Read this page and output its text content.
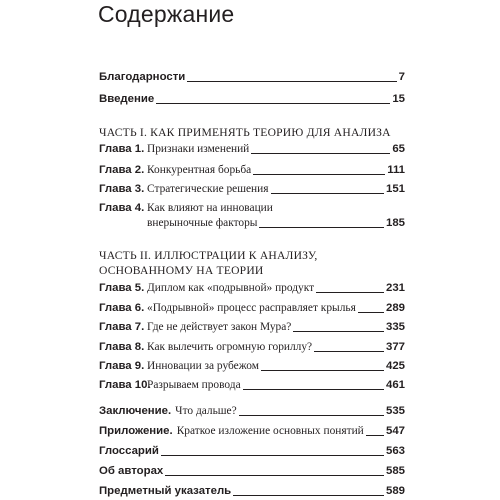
Содержание
Благодарности	7
Введение	15
ЧАСТЬ I. КАК ПРИМЕНЯТЬ ТЕОРИЮ ДЛЯ АНАЛИЗА
Глава 1. Признаки изменений	65
Глава 2. Конкурентная борьба	111
Глава 3. Стратегические решения	151
Глава 4. Как влияют на инновации
внерыночные факторы	185
ЧАСТЬ II. ИЛЛЮСТРАЦИИ К АНАЛИЗУ,
ОСНОВАННОМУ НА ТЕОРИИ
Глава 5. Диплом как «подрывной» продукт	231
Глава 6. «Подрывной» процесс расправляет крылья	289
Глава 7. Где не действует закон Мура?	335
Глава 8. Как вылечить огромную гориллу?	377
Глава 9. Инновации за рубежом	425
Глава 10.
Разрываем провода	461
Заключение. Что дальше?	535
Приложение. Краткое изложение основных понятий 547
Глоссарий	563
Об авторах	585
Предметный указатель	589
